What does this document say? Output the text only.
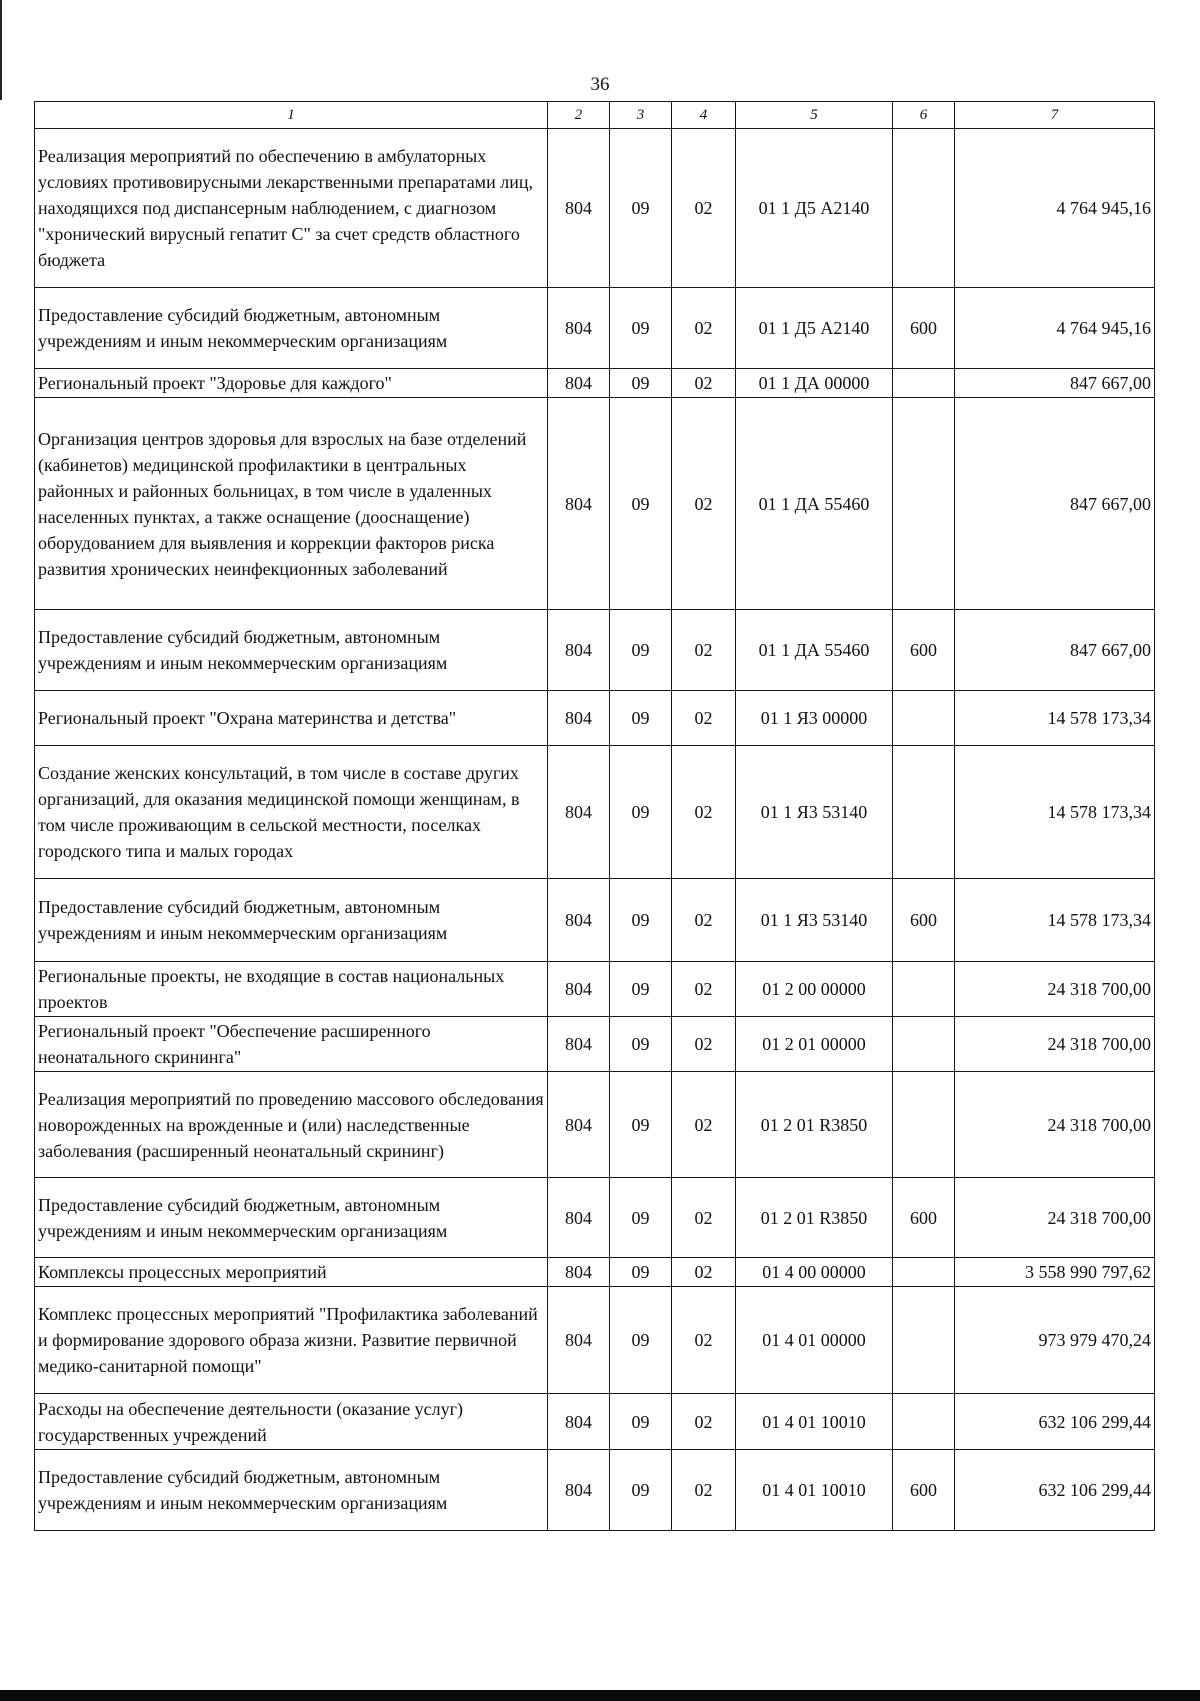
36
1	2	3	4	5	6	7
Реализация мероприятий по обеспечению в амбулаторных условиях противовирусными лекарственными препаратами лиц, находящихся под диспансерным наблюдением, с диагнозом "хронический вирусный гепатит С" за счет средств областного бюджета	804	09	02	01 1 Д5 А2140		4 764 945,16
Предоставление субсидий бюджетным, автономным учреждениям и иным некоммерческим организациям	804	09	02	01 1 Д5 А2140	600	4 764 945,16
Региональный проект "Здоровье для каждого"	804	09	02	01 1 ДА 00000		847 667,00
Организация центров здоровья для взрослых на базе отделений (кабинетов) медицинской профилактики в центральных районных и районных больницах, в том числе в удаленных населенных пунктах, а также оснащение (дооснащение) оборудованием для выявления и коррекции факторов риска развития хронических неинфекционных заболеваний	804	09	02	01 1 ДА 55460		847 667,00
Предоставление субсидий бюджетным, автономным учреждениям и иным некоммерческим организациям	804	09	02	01 1 ДА 55460	600	847 667,00
Региональный проект "Охрана материнства и детства"	804	09	02	01 1 Я3 00000		14 578 173,34
Создание женских консультаций, в том числе в составе других организаций, для оказания медицинской помощи женщинам, в том числе проживающим в сельской местности, поселках городского типа и малых городах	804	09	02	01 1 Я3 53140		14 578 173,34
Предоставление субсидий бюджетным, автономным учреждениям и иным некоммерческим организациям	804	09	02	01 1 Я3 53140	600	14 578 173,34
Региональные проекты, не входящие в состав национальных проектов	804	09	02	01 2 00 00000		24 318 700,00
Региональный проект "Обеспечение расширенного неонатального скрининга"	804	09	02	01 2 01 00000		24 318 700,00
Реализация мероприятий по проведению массового обследования новорожденных на врожденные и (или) наследственные заболевания (расширенный неонатальный скрининг)	804	09	02	01 2 01 R3850		24 318 700,00
Предоставление субсидий бюджетным, автономным учреждениям и иным некоммерческим организациям	804	09	02	01 2 01 R3850	600	24 318 700,00
Комплексы процессных мероприятий	804	09	02	01 4 00 00000		3 558 990 797,62
Комплекс процессных мероприятий "Профилактика заболеваний и формирование здорового образа жизни. Развитие первичной медико-санитарной помощи"	804	09	02	01 4 01 00000		973 979 470,24
Расходы на обеспечение деятельности (оказание услуг) государственных учреждений	804	09	02	01 4 01 10010		632 106 299,44
Предоставление субсидий бюджетным, автономным учреждениям и иным некоммерческим организациям	804	09	02	01 4 01 10010	600	632 106 299,44
